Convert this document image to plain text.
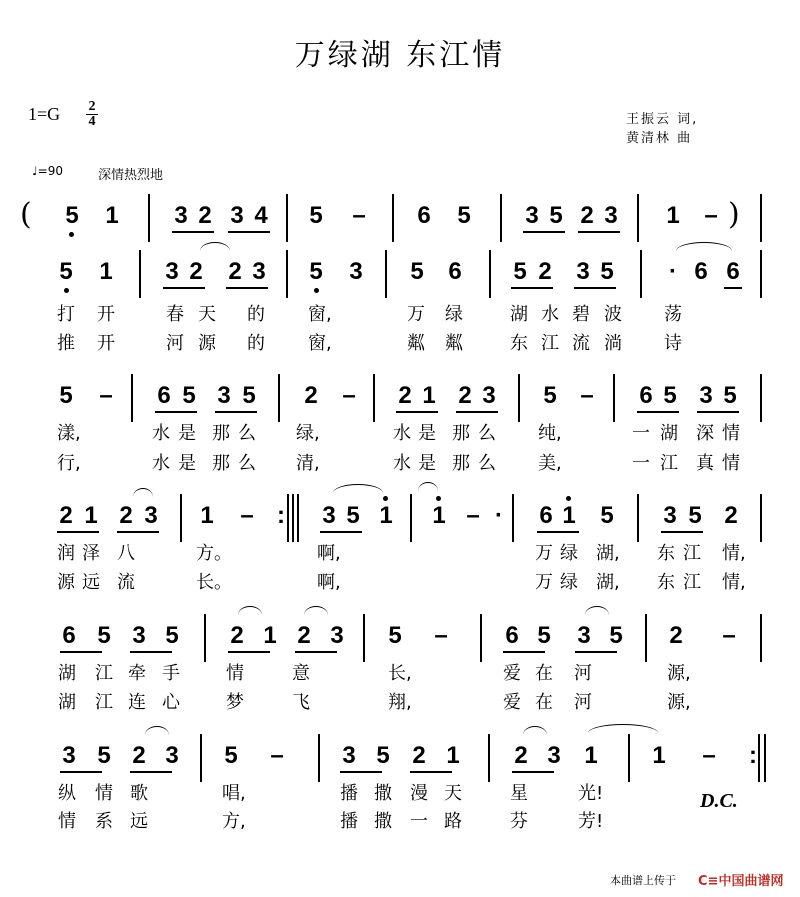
万绿湖 东江情
1=G 2
4	王振云 词,
黄清林 曲
♩=90	深情热烈地
( 5 1 3 2 3 4 5 – 6 5 3 5 2 3 1 – )
5 1 3 2 2 3 5 3 5 6 5 2 3 5 · 6 6
打
推
开
开
春
河
天
源
的
的
窗,
窗,
万
粼
绿
粼
湖
东
水
江
碧
流
波
淌
荡
诗
5 – 6 5 3 5 2 – 2 1 2 3 5 – 6 5 3 5
漾,
行,
水
水
是
是
那
那
么
么
绿,
清,
水
水
是
是
那
那
么
么
纯,
美,
一
一
湖
江
深
真
情
情
2 1 2 3 1 – : 3 5 1 1 – · 6 1 5 3 5 2
润
源
泽
远
八
流
方。
长。
啊,
啊,
万
万
绿
绿
湖,
湖,
东
东
江
江
情,
情,
6 5 3 5 2 1 2 3 5 – 6 5 3 5 2 –
湖
湖
江
江
牵
连
手
心
情
梦
意
飞
长,
翔,
爱
爱
在
在
河
河
源,
源,
3 5 2 3 5 – 3 5 2 1 2 3 1 1 – :
纵
情
情
系
歌
远
唱,
方,
播
播
撒
撒
漫
一
天
路
星
芬
光!
芳!
D.C.
本曲谱上传于 C≡中国曲谱网
